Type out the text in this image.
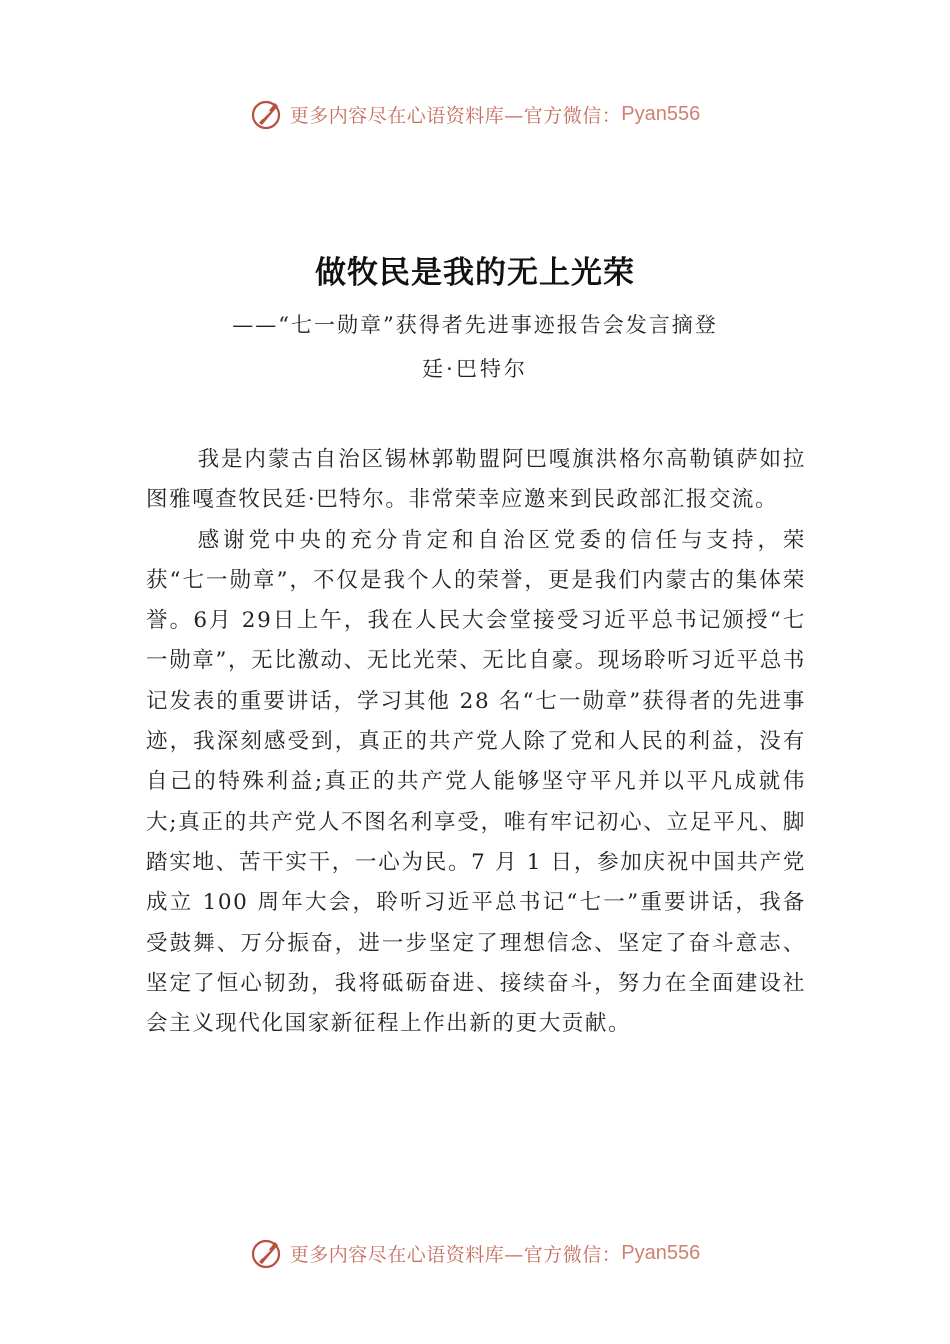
更多内容尽在心语资料库—官方微信： Pyan556
做牧民是我的无上光荣
——“七一勋章”获得者先进事迹报告会发言摘登
廷·巴特尔

我是内蒙古自治区锡林郭勒盟阿巴嘎旗洪格尔高勒镇萨如拉图雅嘎查牧民廷·巴特尔。非常荣幸应邀来到民政部汇报交流。

感谢党中央的充分肯定和自治区党委的信任与支持，荣获“七一勋章”，不仅是我个人的荣誉，更是我们内蒙古的集体荣誉。6月 29日上午，我在人民大会堂接受习近平总书记颁授“七一勋章”，无比激动、无比光荣、无比自豪。现场聆听习近平总书记发表的重要讲话，学习其他 28 名“七一勋章”获得者的先进事迹，我深刻感受到，真正的共产党人除了党和人民的利益，没有自己的特殊利益;真正的共产党人能够坚守平凡并以平凡成就伟大;真正的共产党人不图名利享受，唯有牢记初心、立足平凡、脚踏实地、苦干实干，一心为民。7 月 1 日，参加庆祝中国共产党成立 100 周年大会，聆听习近平总书记“七一”重要讲话，我备受鼓舞、万分振奋，进一步坚定了理想信念、坚定了奋斗意志、坚定了恒心韧劲，我将砥砺奋进、接续奋斗，努力在全面建设社会主义现代化国家新征程上作出新的更大贡献。

更多内容尽在心语资料库—官方微信： Pyan556
